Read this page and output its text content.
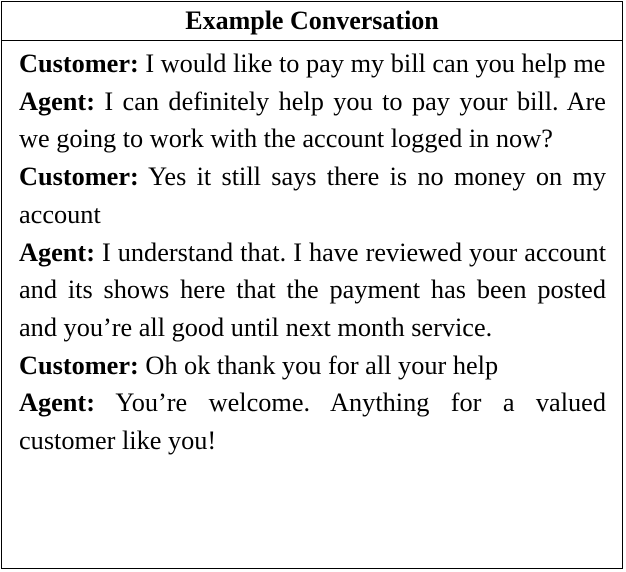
Example Conversation
Customer: I would like to pay my bill can you help me
Agent: I can definitely help you to pay your bill. Are we going to work with the account logged in now?
Customer: Yes it still says there is no money on my account
Agent: I understand that. I have reviewed your account and its shows here that the payment has been posted and you’re all good until next month service.
Customer: Oh ok thank you for all your help
Agent: You’re welcome. Anything for a valued customer like you!
